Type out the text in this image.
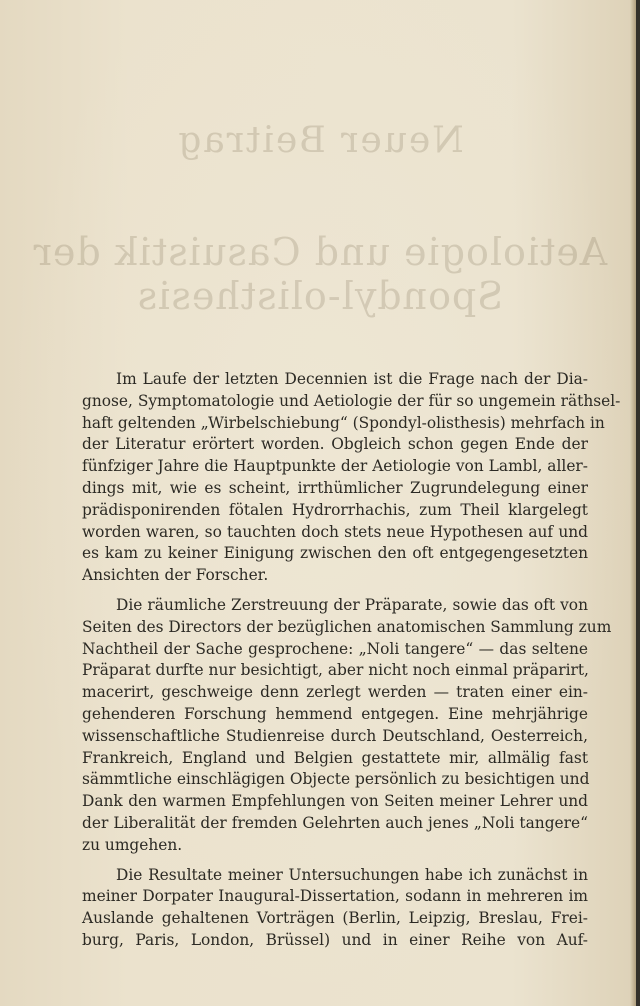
Neuer Beitrag
Aetiologie und Casuistik der Spondyl-olisthesis

Im Laufe der letzten Decennien ist die Frage nach der Dia-
gnose, Symptomatologie und Aetiologie der für so ungemein räthsel-
haft geltenden „Wirbelschiebung“ (Spondyl-olisthesis) mehrfach in
der Literatur erörtert worden. Obgleich schon gegen Ende der
fünfziger Jahre die Hauptpunkte der Aetiologie von Lambl, aller-
dings mit, wie es scheint, irrthümlicher Zugrundelegung einer
prädisponirenden fötalen Hydrorrhachis, zum Theil klargelegt
worden waren, so tauchten doch stets neue Hypothesen auf und
es kam zu keiner Einigung zwischen den oft entgegengesetzten
Ansichten der Forscher.

Die räumliche Zerstreuung der Präparate, sowie das oft von
Seiten des Directors der bezüglichen anatomischen Sammlung zum
Nachtheil der Sache gesprochene: „Noli tangere“ — das seltene
Präparat durfte nur besichtigt, aber nicht noch einmal präparirt,
macerirt, geschweige denn zerlegt werden — traten einer ein-
gehenderen Forschung hemmend entgegen. Eine mehrjährige
wissenschaftliche Studienreise durch Deutschland, Oesterreich,
Frankreich, England und Belgien gestattete mir, allmälig fast
sämmtliche einschlägigen Objecte persönlich zu besichtigen und
Dank den warmen Empfehlungen von Seiten meiner Lehrer und
der Liberalität der fremden Gelehrten auch jenes „Noli tangere“
zu umgehen.

Die Resultate meiner Untersuchungen habe ich zunächst in
meiner Dorpater Inaugural-Dissertation, sodann in mehreren im
Auslande gehaltenen Vorträgen (Berlin, Leipzig, Breslau, Frei-
burg, Paris, London, Brüssel) und in einer Reihe von Auf-
